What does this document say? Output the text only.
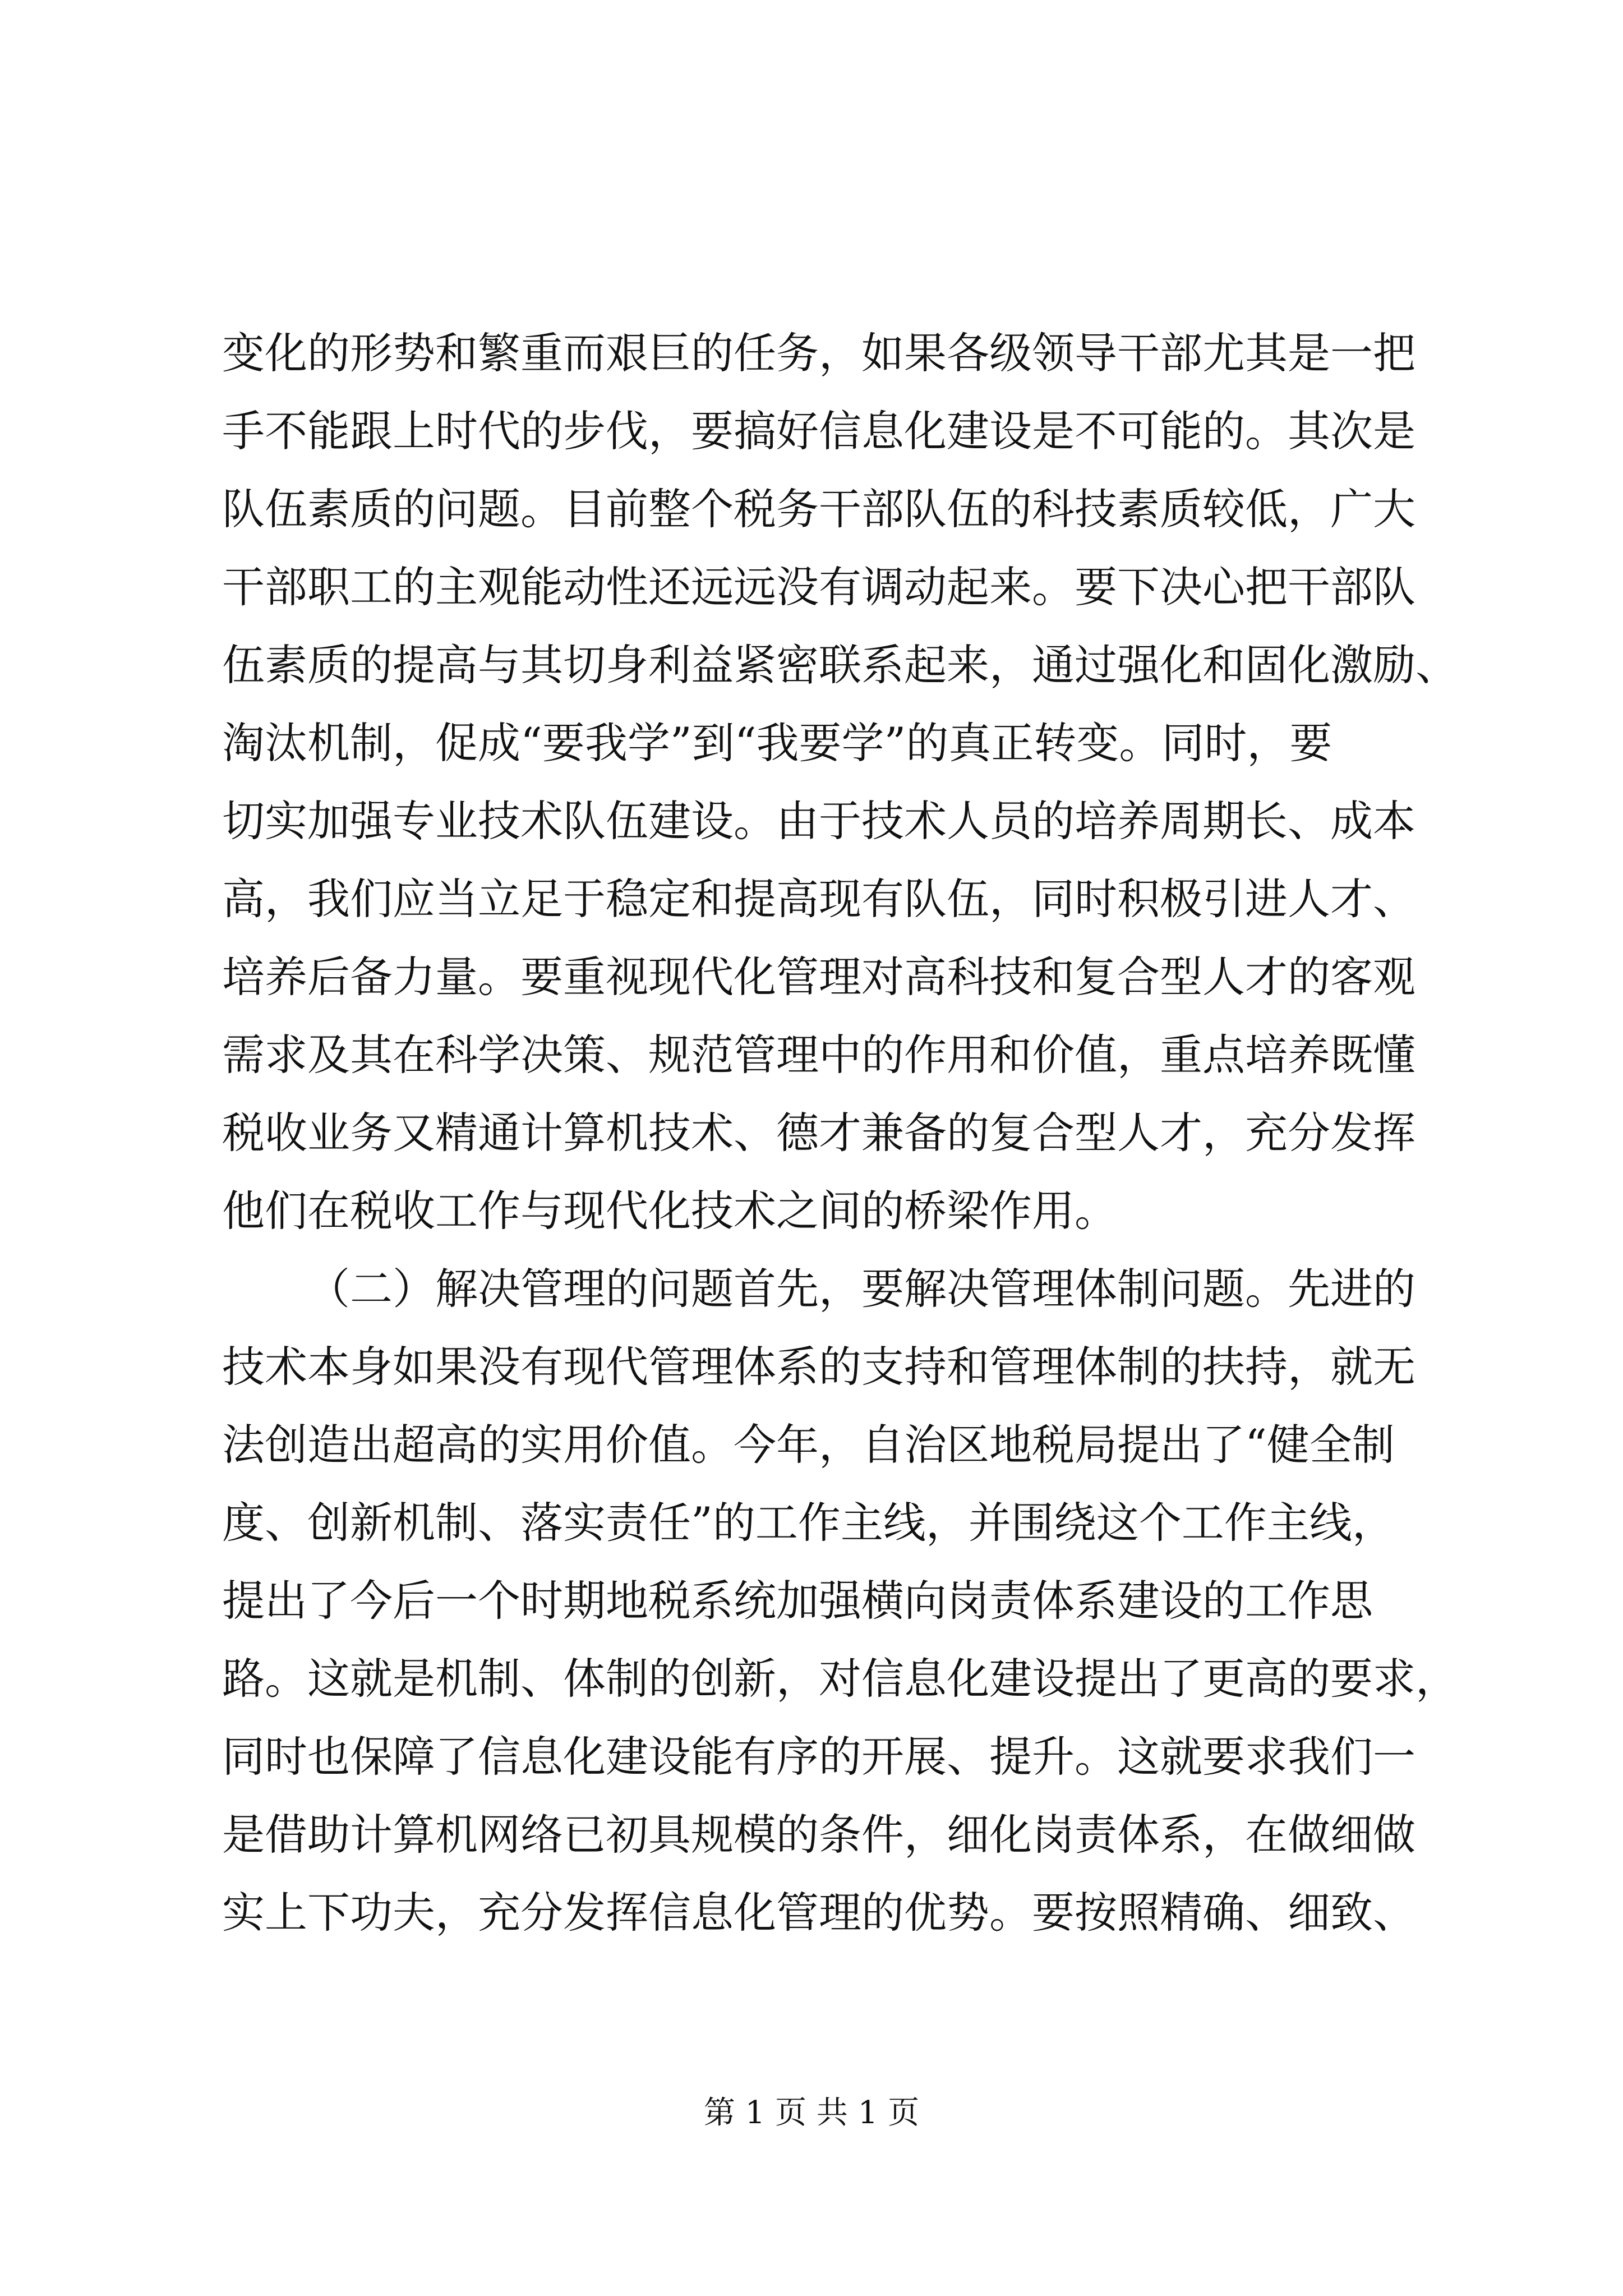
变化的形势和繁重而艰巨的任务，如果各级领导干部尤其是一把
手不能跟上时代的步伐，要搞好信息化建设是不可能的。其次是
队伍素质的问题。目前整个税务干部队伍的科技素质较低，广大
干部职工的主观能动性还远远没有调动起来。要下决心把干部队
伍素质的提高与其切身利益紧密联系起来，通过强化和固化激励、
淘汰机制，促成“要我学”到“我要学”的真正转变。同时，要
切实加强专业技术队伍建设。由于技术人员的培养周期长、成本
高，我们应当立足于稳定和提高现有队伍，同时积极引进人才、
培养后备力量。要重视现代化管理对高科技和复合型人才的客观
需求及其在科学决策、规范管理中的作用和价值，重点培养既懂
税收业务又精通计算机技术、德才兼备的复合型人才，充分发挥
他们在税收工作与现代化技术之间的桥梁作用。
（二）解决管理的问题首先，要解决管理体制问题。先进的
技术本身如果没有现代管理体系的支持和管理体制的扶持，就无
法创造出超高的实用价值。今年，自治区地税局提出了“健全制
度、创新机制、落实责任”的工作主线，并围绕这个工作主线，
提出了今后一个时期地税系统加强横向岗责体系建设的工作思
路。这就是机制、体制的创新，对信息化建设提出了更高的要求，
同时也保障了信息化建设能有序的开展、提升。这就要求我们一
是借助计算机网络已初具规模的条件，细化岗责体系，在做细做
实上下功夫，充分发挥信息化管理的优势。要按照精确、细致、
第 1 页 共 1 页
